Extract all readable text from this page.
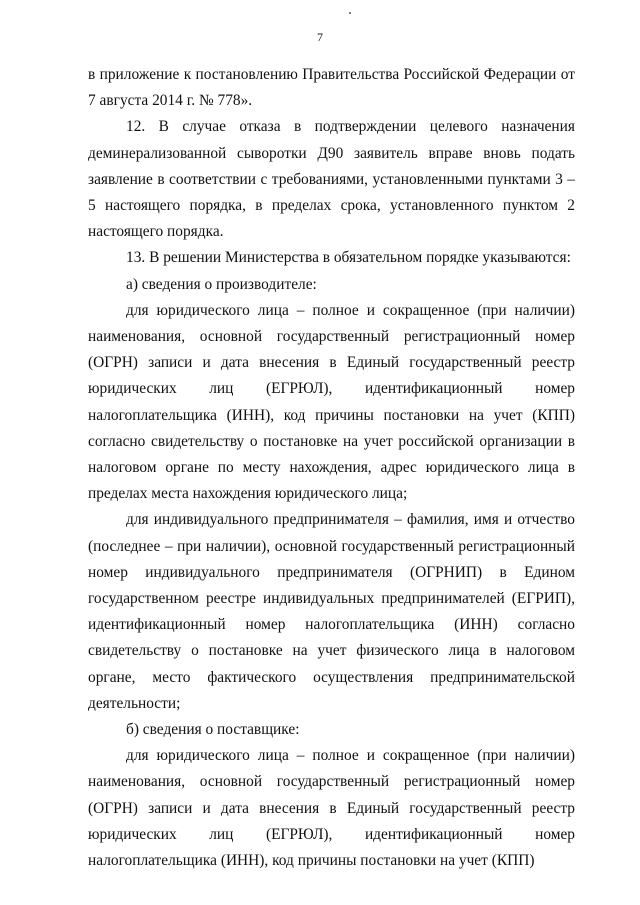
7

в приложение к постановлению Правительства Российской Федерации от 7 августа 2014 г. № 778».

12. В случае отказа в подтверждении целевого назначения деминерализованной сыворотки Д90 заявитель вправе вновь подать заявление в соответствии с требованиями, установленными пунктами 3 – 5 настоящего порядка, в пределах срока, установленного пунктом 2 настоящего порядка.

13. В решении Министерства в обязательном порядке указываются:

а) сведения о производителе:

для юридического лица – полное и сокращенное (при наличии) наименования, основной государственный регистрационный номер (ОГРН) записи и дата внесения в Единый государственный реестр юридических лиц (ЕГРЮЛ), идентификационный номер налогоплательщика (ИНН), код причины постановки на учет (КПП) согласно свидетельству о постановке на учет российской организации в налоговом органе по месту нахождения, адрес юридического лица в пределах места нахождения юридического лица;

для индивидуального предпринимателя – фамилия, имя и отчество (последнее – при наличии), основной государственный регистрационный номер индивидуального предпринимателя (ОГРНИП) в Едином государственном реестре индивидуальных предпринимателей (ЕГРИП), идентификационный номер налогоплательщика (ИНН) согласно свидетельству о постановке на учет физического лица в налоговом органе, место фактического осуществления предпринимательской деятельности;

б) сведения о поставщике:

для юридического лица – полное и сокращенное (при наличии) наименования, основной государственный регистрационный номер (ОГРН) записи и дата внесения в Единый государственный реестр юридических лиц (ЕГРЮЛ), идентификационный номер налогоплательщика (ИНН), код причины постановки на учет (КПП)
